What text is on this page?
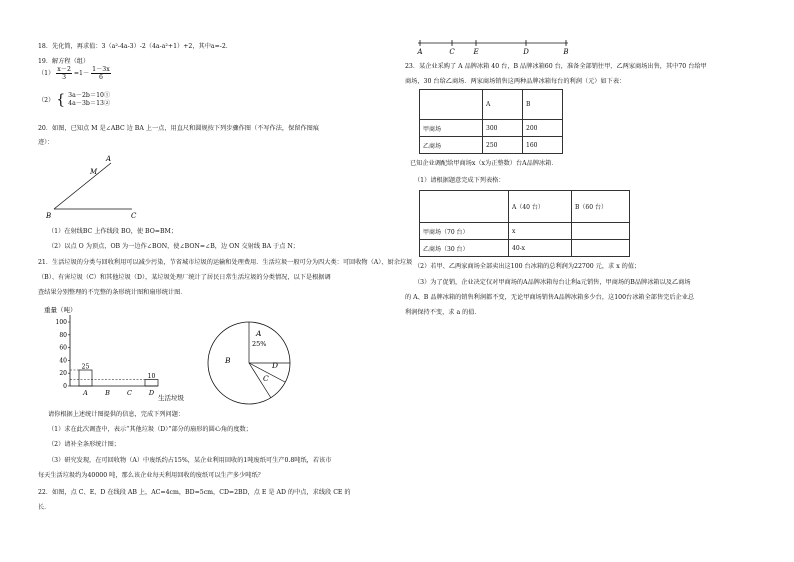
18．先化简，再求值：3（a²-4a-3）-2（4a-a²+1）+2，其中a=-2．
19．解方程（组）
$(1) \frac{x-2}{3} =1- \frac{1-3x}{6}$
（2） { 3a－2b＝10①
4a－3b＝13②
20．如图，已知点 M 是∠ABC 边 BA 上一点，用直尺和圆规按下列步骤作图（不写作法，保留作图痕
迹）：
A
M
B	C
（1）在射线BC 上作线段 BO，使 BO=BM；
（2）以点 O 为顶点，OB 为一边作∠BON，使∠BON=∠B，边 ON 交射线 BA 于点 N；
21．生活垃圾的分类与回收利用可以减少污染，节省城市垃圾的运输和处理费用．生活垃圾一般可分为四大类：可回收物（A）、厨余垃圾
（B）、有害垃圾（C）和其他垃圾（D），某垃圾处理厂统计了居民日常生活垃圾的分类情况，以下是根据调
查结果分别整理的不完整的条形统计图和扇形统计图．
重量（吨）
0
20
40
60
80
100
25
10
A	B	C	D
生活垃圾
A
25%
B
C
D
请你根据上述统计图提供的信息，完成下列问题：
（1）求在此次调查中，表示“其他垃圾（D）”部分的扇形的圆心角的度数；
（2）请补全条形统计图；
（3）研究发现，在可回收物（A）中废纸约占15%，某企业利用回收的1吨废纸可生产0.8吨纸，若该市
每天生活垃圾约为40000 吨，那么该企业每天利用回收的废纸可以生产多少吨纸？
22．如图，点 C、E、D 在线段 AB 上，AC=4cm，BD=5cm，CD=2BD，点 E 是 AD 的中点，求线段 CE 的
长．
A	C	E	D	B
23．某企业采购了 A 品牌冰箱 40 台，B 品牌冰箱60 台，准备全部销往甲、乙两家商场出售，其中70 台给甲
商场，30 台给乙商场．两家商场销售这两种品牌冰箱每台的利润（元）如下表：
	A	B
甲商场	300	200
乙商场	250	160
已知企业调配给甲商场x（x为正整数）台A品牌冰箱．
（1）请根据题意完成下列表格：
	A（40 台）	B（60 台）
甲商场（70 台）	x	
乙商场（30 台）	40-x	
（2）若甲、乙两家商场全部卖出这100 台冰箱的总利润为22700 元，求 x 的值；
（3）为了促销，企业决定仅对甲商场的A品牌冰箱每台让利a元销售，甲商场的B品牌冰箱以及乙商场
的 A、B 品牌冰箱的销售利润都不变，无论甲商场销售A品牌冰箱多少台，这100台冰箱全部售完后企业总
利润保持不变，求 a 的值．
